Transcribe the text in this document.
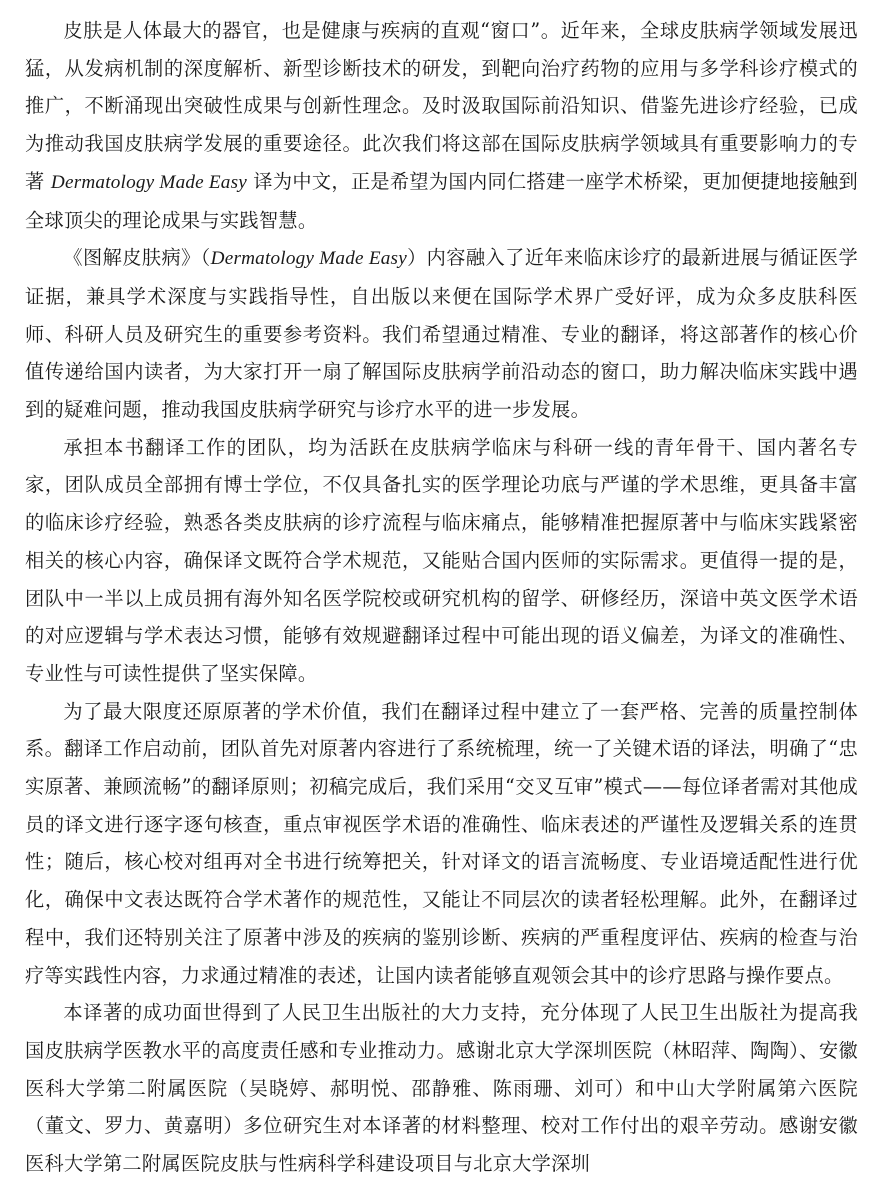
皮肤是人体最大的器官，也是健康与疾病的直观“窗口”。近年来，全球皮肤病学领域发展迅猛，从发病机制的深度解析、新型诊断技术的研发，到靶向治疗药物的应用与多学科诊疗模式的推广，不断涌现出突破性成果与创新性理念。及时汲取国际前沿知识、借鉴先进诊疗经验，已成为推动我国皮肤病学发展的重要途径。此次我们将这部在国际皮肤病学领域具有重要影响力的专著 Dermatology Made Easy 译为中文，正是希望为国内同仁搭建一座学术桥梁，更加便捷地接触到全球顶尖的理论成果与实践智慧。

《图解皮肤病》（Dermatology Made Easy）内容融入了近年来临床诊疗的最新进展与循证医学证据，兼具学术深度与实践指导性，自出版以来便在国际学术界广受好评，成为众多皮肤科医师、科研人员及研究生的重要参考资料。我们希望通过精准、专业的翻译，将这部著作的核心价值传递给国内读者，为大家打开一扇了解国际皮肤病学前沿动态的窗口，助力解决临床实践中遇到的疑难问题，推动我国皮肤病学研究与诊疗水平的进一步发展。

承担本书翻译工作的团队，均为活跃在皮肤病学临床与科研一线的青年骨干、国内著名专家，团队成员全部拥有博士学位，不仅具备扎实的医学理论功底与严谨的学术思维，更具备丰富的临床诊疗经验，熟悉各类皮肤病的诊疗流程与临床痛点，能够精准把握原著中与临床实践紧密相关的核心内容，确保译文既符合学术规范，又能贴合国内医师的实际需求。更值得一提的是，团队中一半以上成员拥有海外知名医学院校或研究机构的留学、研修经历，深谙中英文医学术语的对应逻辑与学术表达习惯，能够有效规避翻译过程中可能出现的语义偏差，为译文的准确性、专业性与可读性提供了坚实保障。

为了最大限度还原原著的学术价值，我们在翻译过程中建立了一套严格、完善的质量控制体系。翻译工作启动前，团队首先对原著内容进行了系统梳理，统一了关键术语的译法，明确了“忠实原著、兼顾流畅”的翻译原则；初稿完成后，我们采用“交叉互审”模式——每位译者需对其他成员的译文进行逐字逐句核查，重点审视医学术语的准确性、临床表述的严谨性及逻辑关系的连贯性；随后，核心校对组再对全书进行统筹把关，针对译文的语言流畅度、专业语境适配性进行优化，确保中文表达既符合学术著作的规范性，又能让不同层次的读者轻松理解。此外，在翻译过程中，我们还特别关注了原著中涉及的疾病的鉴别诊断、疾病的严重程度评估、疾病的检查与治疗等实践性内容，力求通过精准的表述，让国内读者能够直观领会其中的诊疗思路与操作要点。

本译著的成功面世得到了人民卫生出版社的大力支持，充分体现了人民卫生出版社为提高我国皮肤病学医教水平的高度责任感和专业推动力。感谢北京大学深圳医院（林昭萍、陶陶）、安徽医科大学第二附属医院（吴晓婷、郝明悦、邵静雅、陈雨珊、刘可）和中山大学附属第六医院（董文、罗力、黄嘉明）多位研究生对本译著的材料整理、校对工作付出的艰辛劳动。感谢安徽医科大学第二附属医院皮肤与性病科学科建设项目与北京大学深圳
